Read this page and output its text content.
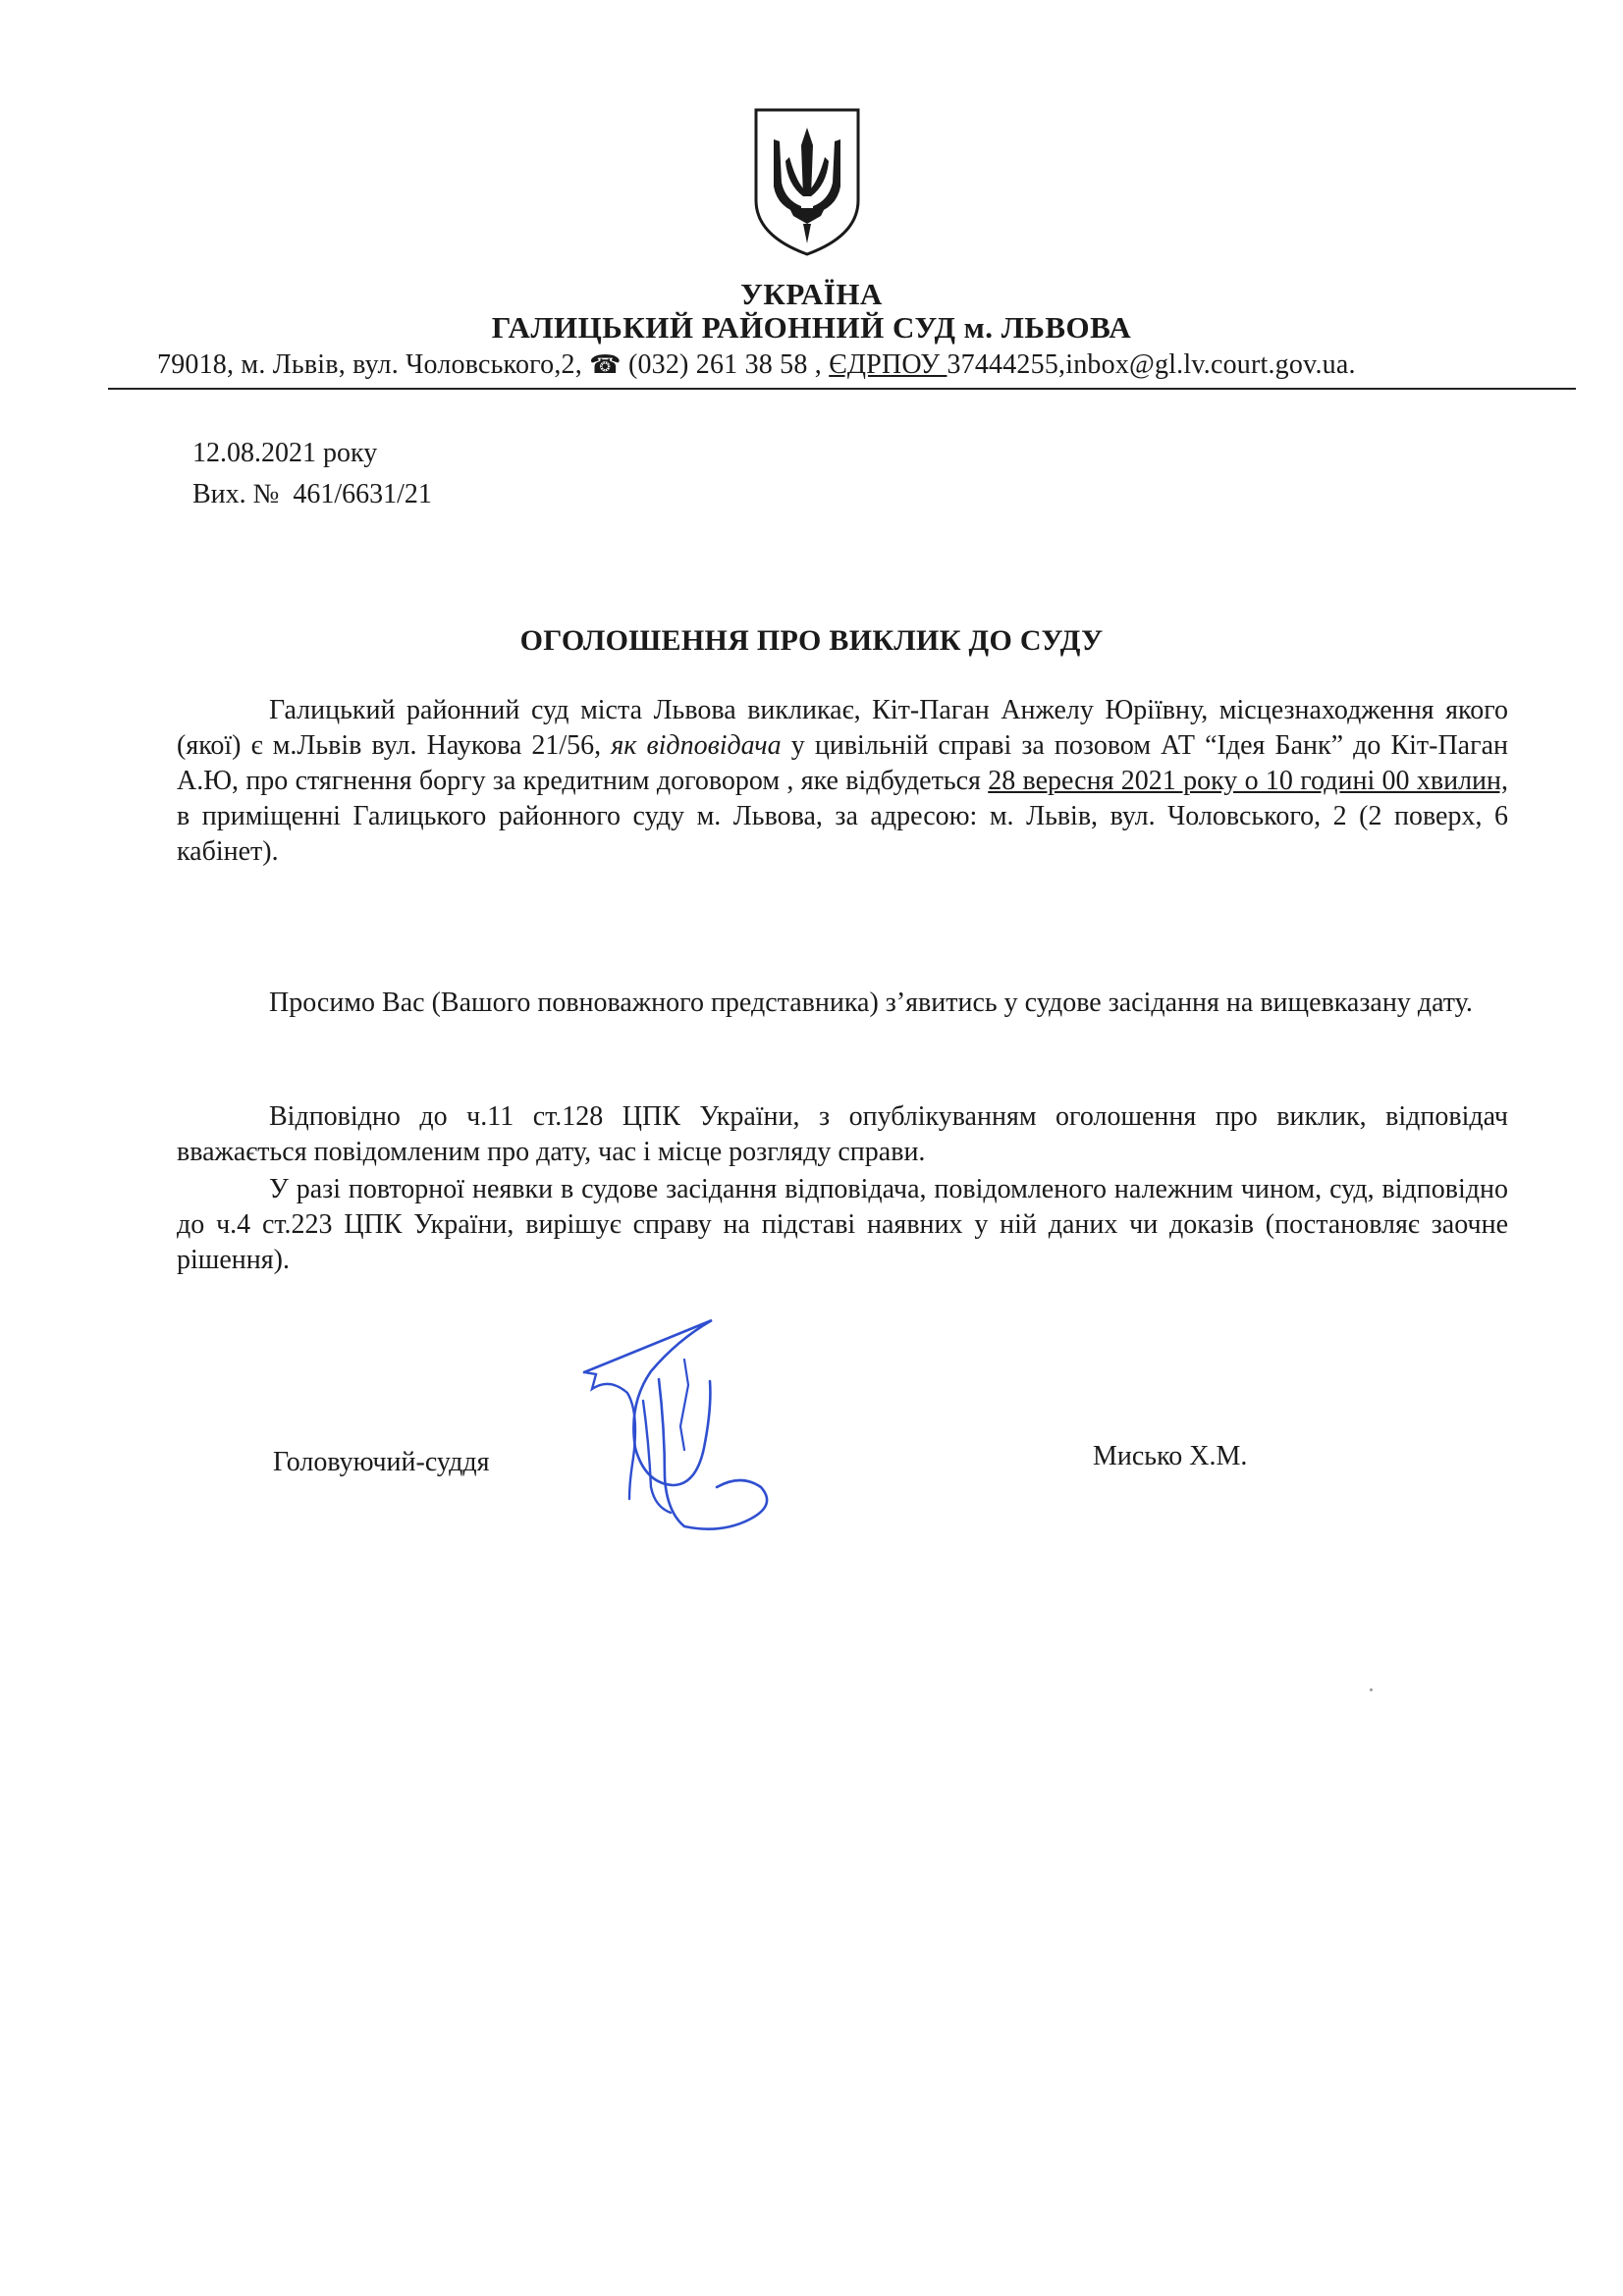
УКРАЇНА
ГАЛИЦЬКИЙ РАЙОННИЙ СУД м. ЛЬВОВА
79018, м. Львів, вул. Чоловського,2, ☎ (032) 261 38 58 , ЄДРПОУ 37444255,inbox@gl.lv.court.gov.ua.
12.08.2021 року
Вих. № 461/6631/21
ОГОЛОШЕННЯ ПРО ВИКЛИК ДО СУДУ
Галицький районний суд міста Львова викликає, Кіт-Паган Анжелу Юріївну, місцезнаходження якого (якої) є м.Львів вул. Наукова 21/56, як відповідача у цивільній справі за позовом АТ “Ідея Банк” до Кіт-Паган А.Ю, про стягнення боргу за кредитним договором , яке відбудеться 28 вересня 2021 року о 10 годині 00 хвилин, в приміщенні Галицького районного суду м. Львова, за адресою: м. Львів, вул. Чоловського, 2 (2 поверх, 6 кабінет).
Просимо Вас (Вашого повноважного представника) з’явитись у судове засідання на вищевказану дату.
Відповідно до ч.11 ст.128 ЦПК України, з опублікуванням оголошення про виклик, відповідач вважається повідомленим про дату, час і місце розгляду справи.
У разі повторної неявки в судове засідання відповідача, повідомленого належним чином, суд, відповідно до ч.4 ст.223 ЦПК України, вирішує справу на підставі наявних у ній даних чи доказів (постановляє заочне рішення).
Головуючий-суддя	Мисько Х.М.
